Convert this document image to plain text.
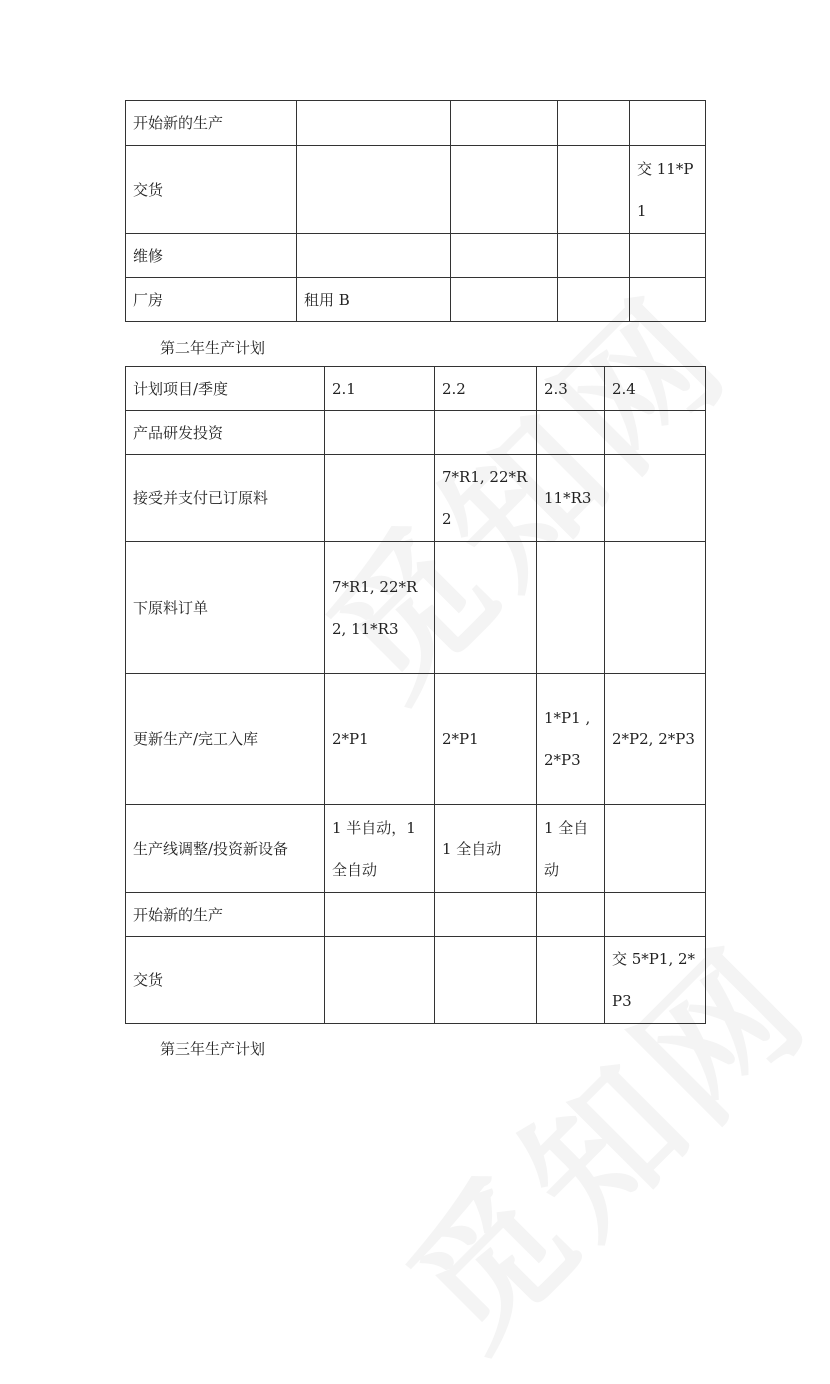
开始新的生产				
交货				交 11*P1
维修				
厂房	租用 B			
第二年生产计划
计划项目/季度	2.1	2.2	2.3	2.4
产品研发投资				
接受并支付已订原料		7*R1, 22*R2	11*R3	
下原料订单	7*R1, 22*R2, 11*R3			
更新生产/完工入库	2*P1	2*P1	1*P1 , 2*P3	2*P2, 2*P3
生产线调整/投资新设备	1 半自动，1 全自动	1 全自动	1 全自动	
开始新的生产				
交货				交 5*P1, 2*P3
第三年生产计划
